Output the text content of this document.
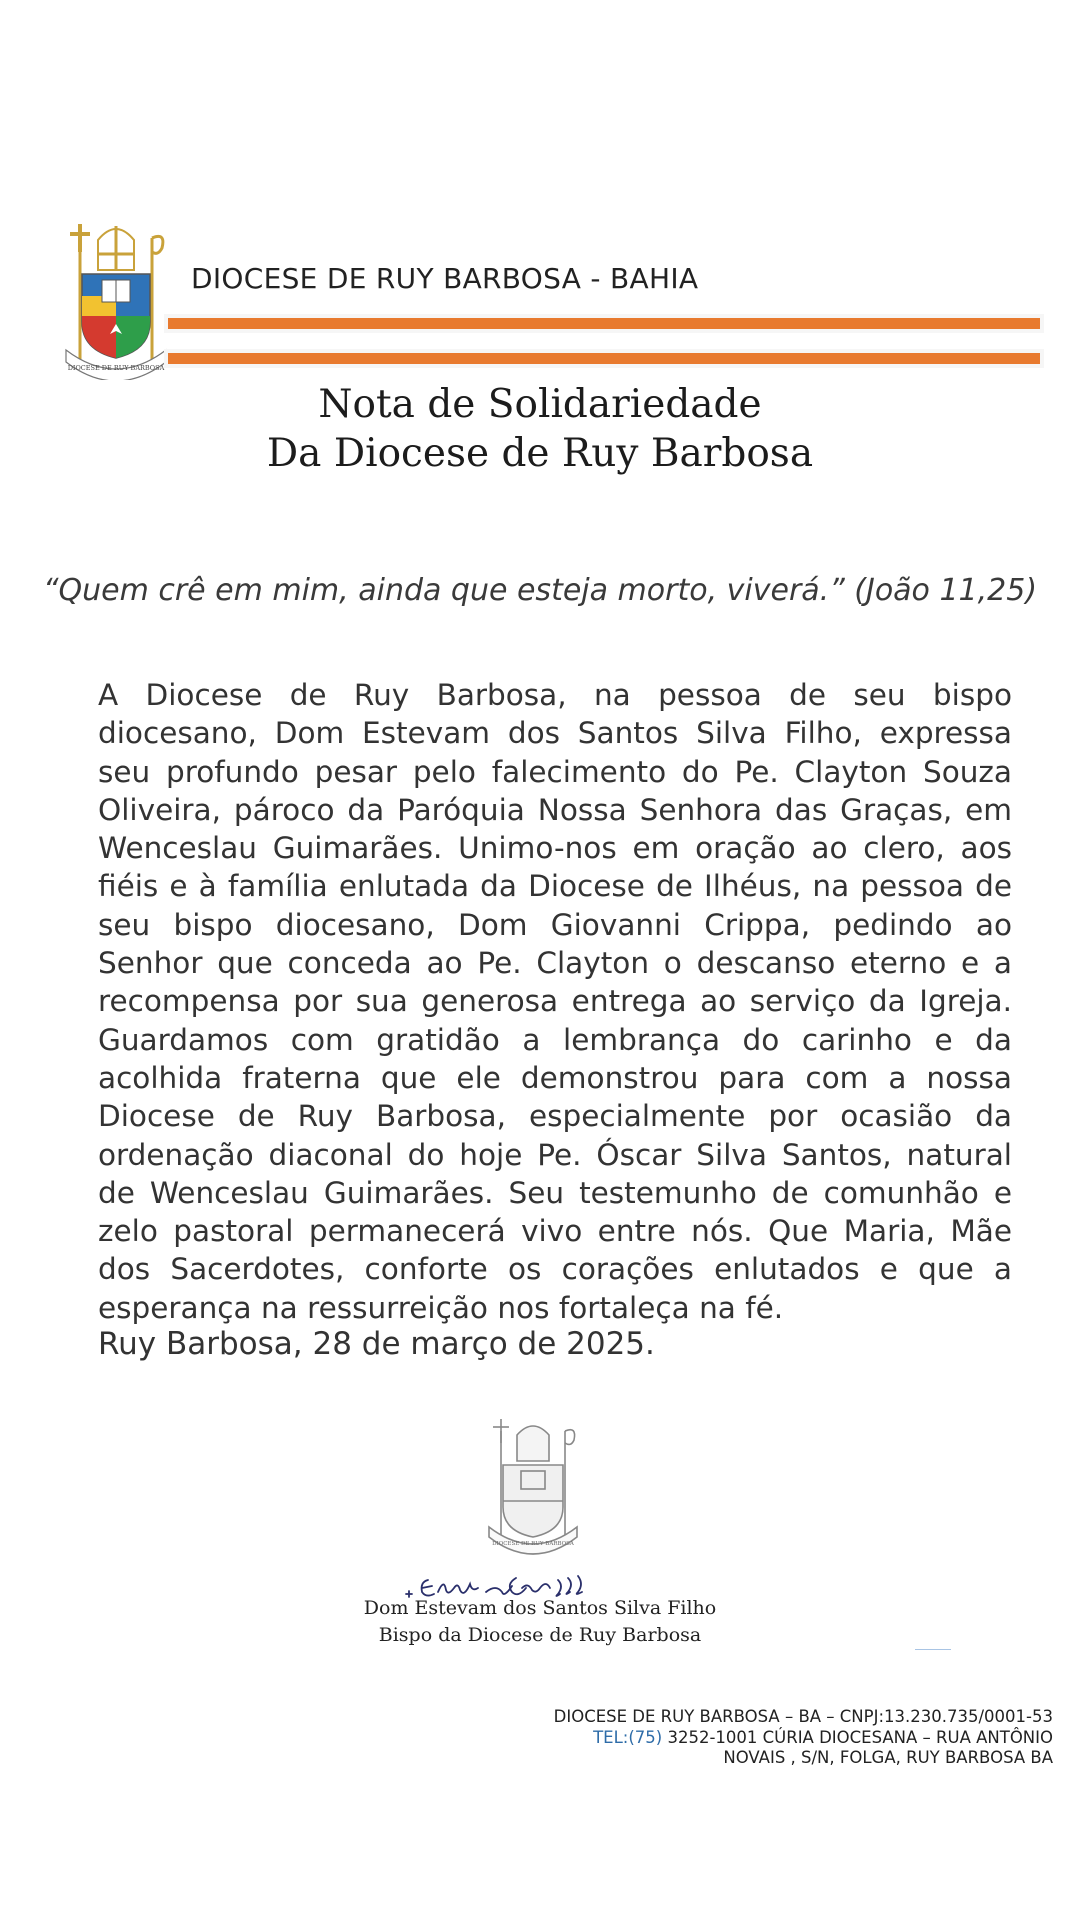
DIOCESE DE RUY BARBOSA
DIOCESE DE RUY BARBOSA - BAHIA
Nota de Solidariedade
Da Diocese de Ruy Barbosa
“Quem crê em mim, ainda que esteja morto, viverá.” (João 11,25)
A Diocese de Ruy Barbosa, na pessoa de seu bispo diocesano, Dom Estevam dos Santos Silva Filho, expressa seu profundo pesar pelo falecimento do Pe. Clayton Souza Oliveira, pároco da Paróquia Nossa Senhora das Graças, em Wenceslau Guimarães. Unimo-nos em oração ao clero, aos fiéis e à família enlutada da Diocese de Ilhéus, na pessoa de seu bispo diocesano, Dom Giovanni Crippa, pedindo ao Senhor que conceda ao Pe. Clayton o descanso eterno e a recompensa por sua generosa entrega ao serviço da Igreja. Guardamos com gratidão a lembrança do carinho e da acolhida fraterna que ele demonstrou para com a nossa Diocese de Ruy Barbosa, especialmente por ocasião da ordenação diaconal do hoje Pe. Óscar Silva Santos, natural de Wenceslau Guimarães. Seu testemunho de comunhão e zelo pastoral permanecerá vivo entre nós. Que Maria, Mãe dos Sacerdotes, conforte os corações enlutados e que a esperança na ressurreição nos fortaleça na fé.
Ruy Barbosa, 28 de março de 2025.
DIOCESE DE RUY BARBOSA
Dom Estevam dos Santos Silva Filho
Bispo da Diocese de Ruy Barbosa
DIOCESE DE RUY BARBOSA – BA – CNPJ:13.230.735/0001-53
TEL:(75) 3252-1001 CÚRIA DIOCESANA – RUA ANTÔNIO
NOVAIS , S/N, FOLGA, RUY BARBOSA BA
